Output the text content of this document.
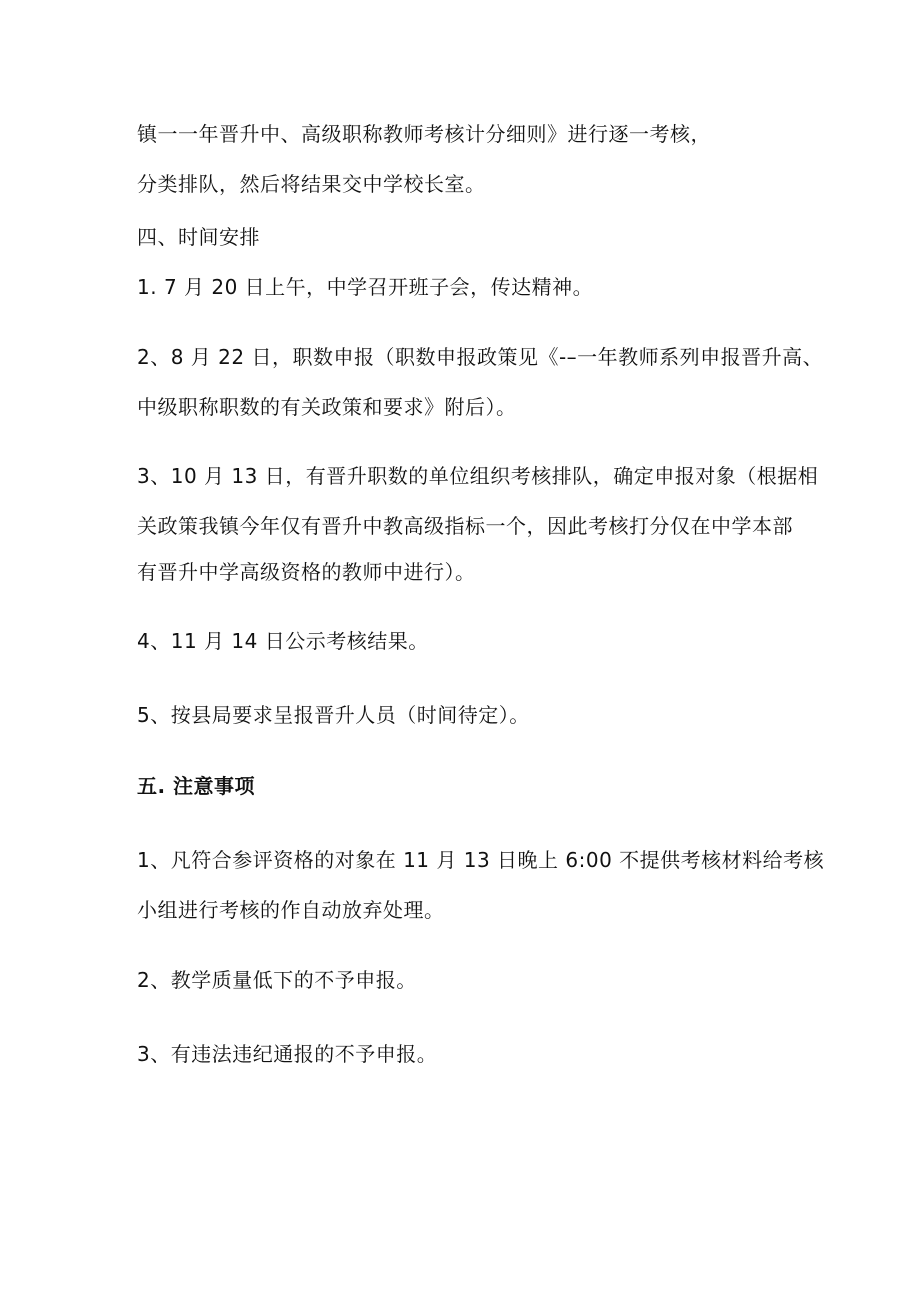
镇一一年晋升中、高级职称教师考核计分细则》进行逐一考核，
分类排队，然后将结果交中学校长室。
四、时间安排
1. 7 月 20 日上午，中学召开班子会，传达精神。
2、8 月 22 日，职数申报（职数申报政策见《-–一年教师系列申报晋升高、
中级职称职数的有关政策和要求》附后）。
3、10 月 13 日，有晋升职数的单位组织考核排队，确定申报对象（根据相
关政策我镇今年仅有晋升中教高级指标一个，因此考核打分仅在中学本部
有晋升中学高级资格的教师中进行）。
4、11 月 14 日公示考核结果。
5、按县局要求呈报晋升人员（时间待定）。
五. 注意事项
1、凡符合参评资格的对象在 11 月 13 日晚上 6:00 不提供考核材料给考核
小组进行考核的作自动放弃处理。
2、教学质量低下的不予申报。
3、有违法违纪通报的不予申报。
